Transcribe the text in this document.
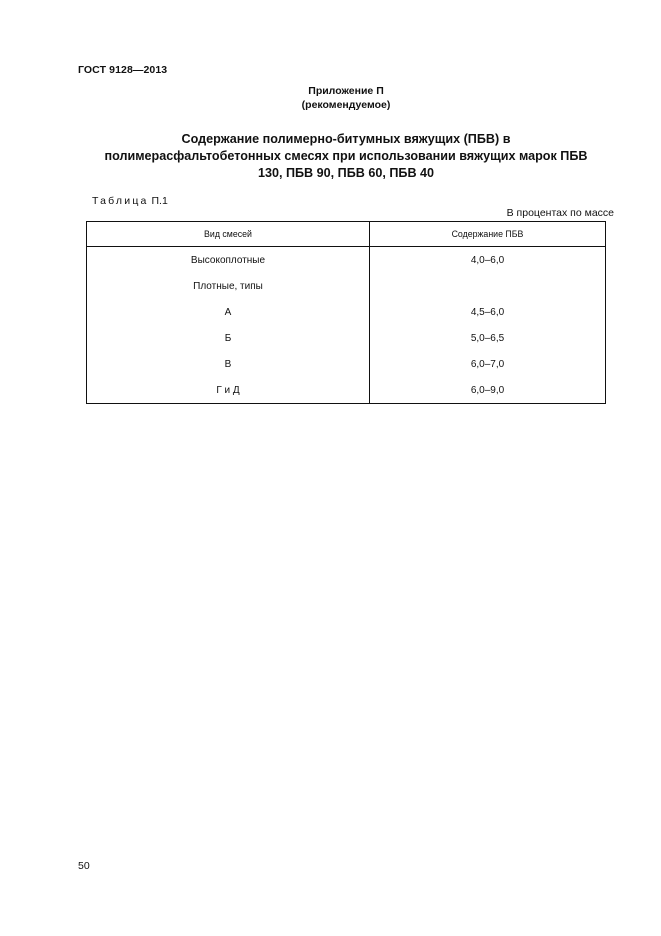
ГОСТ 9128—2013
Приложение П
(рекомендуемое)
Содержание полимерно-битумных вяжущих (ПБВ) в
полимерасфальтобетонных смесях при использовании вяжущих марок ПБВ
130, ПБВ 90, ПБВ 60, ПБВ 40
Таблица П.1
В процентах по массе
Вид смесей	Содержание ПБВ
Высокоплотные	4,0–6,0
Плотные, типы
А	4,5–6,0
Б	5,0–6,5
В	6,0–7,0
Г и Д	6,0–9,0
50
